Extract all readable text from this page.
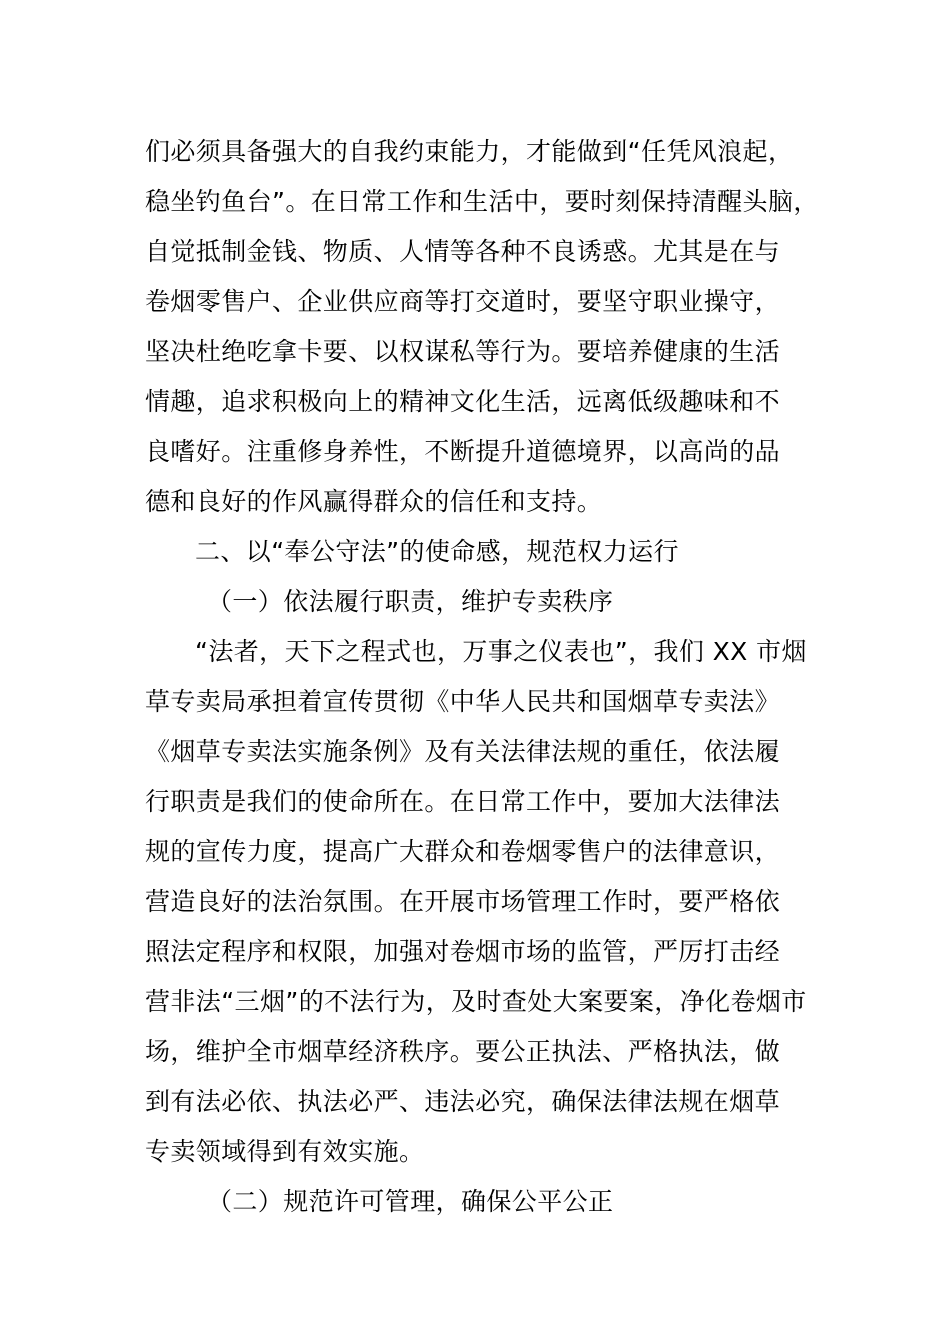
们必须具备强大的自我约束能力，才能做到“任凭风浪起，
稳坐钓鱼台”。在日常工作和生活中，要时刻保持清醒头脑，
自觉抵制金钱、物质、人情等各种不良诱惑。尤其是在与
卷烟零售户、企业供应商等打交道时，要坚守职业操守，
坚决杜绝吃拿卡要、以权谋私等行为。要培养健康的生活
情趣，追求积极向上的精神文化生活，远离低级趣味和不
良嗜好。注重修身养性，不断提升道德境界，以高尚的品
德和良好的作风赢得群众的信任和支持。
二、以“奉公守法”的使命感，规范权力运行
（一）依法履行职责，维护专卖秩序
“法者，天下之程式也，万事之仪表也”，我们 XX 市烟
草专卖局承担着宣传贯彻《中华人民共和国烟草专卖法》
《烟草专卖法实施条例》及有关法律法规的重任，依法履
行职责是我们的使命所在。在日常工作中，要加大法律法
规的宣传力度，提高广大群众和卷烟零售户的法律意识，
营造良好的法治氛围。在开展市场管理工作时，要严格依
照法定程序和权限，加强对卷烟市场的监管，严厉打击经
营非法“三烟”的不法行为，及时查处大案要案，净化卷烟市
场，维护全市烟草经济秩序。要公正执法、严格执法，做
到有法必依、执法必严、违法必究，确保法律法规在烟草
专卖领域得到有效实施。
（二）规范许可管理，确保公平公正
